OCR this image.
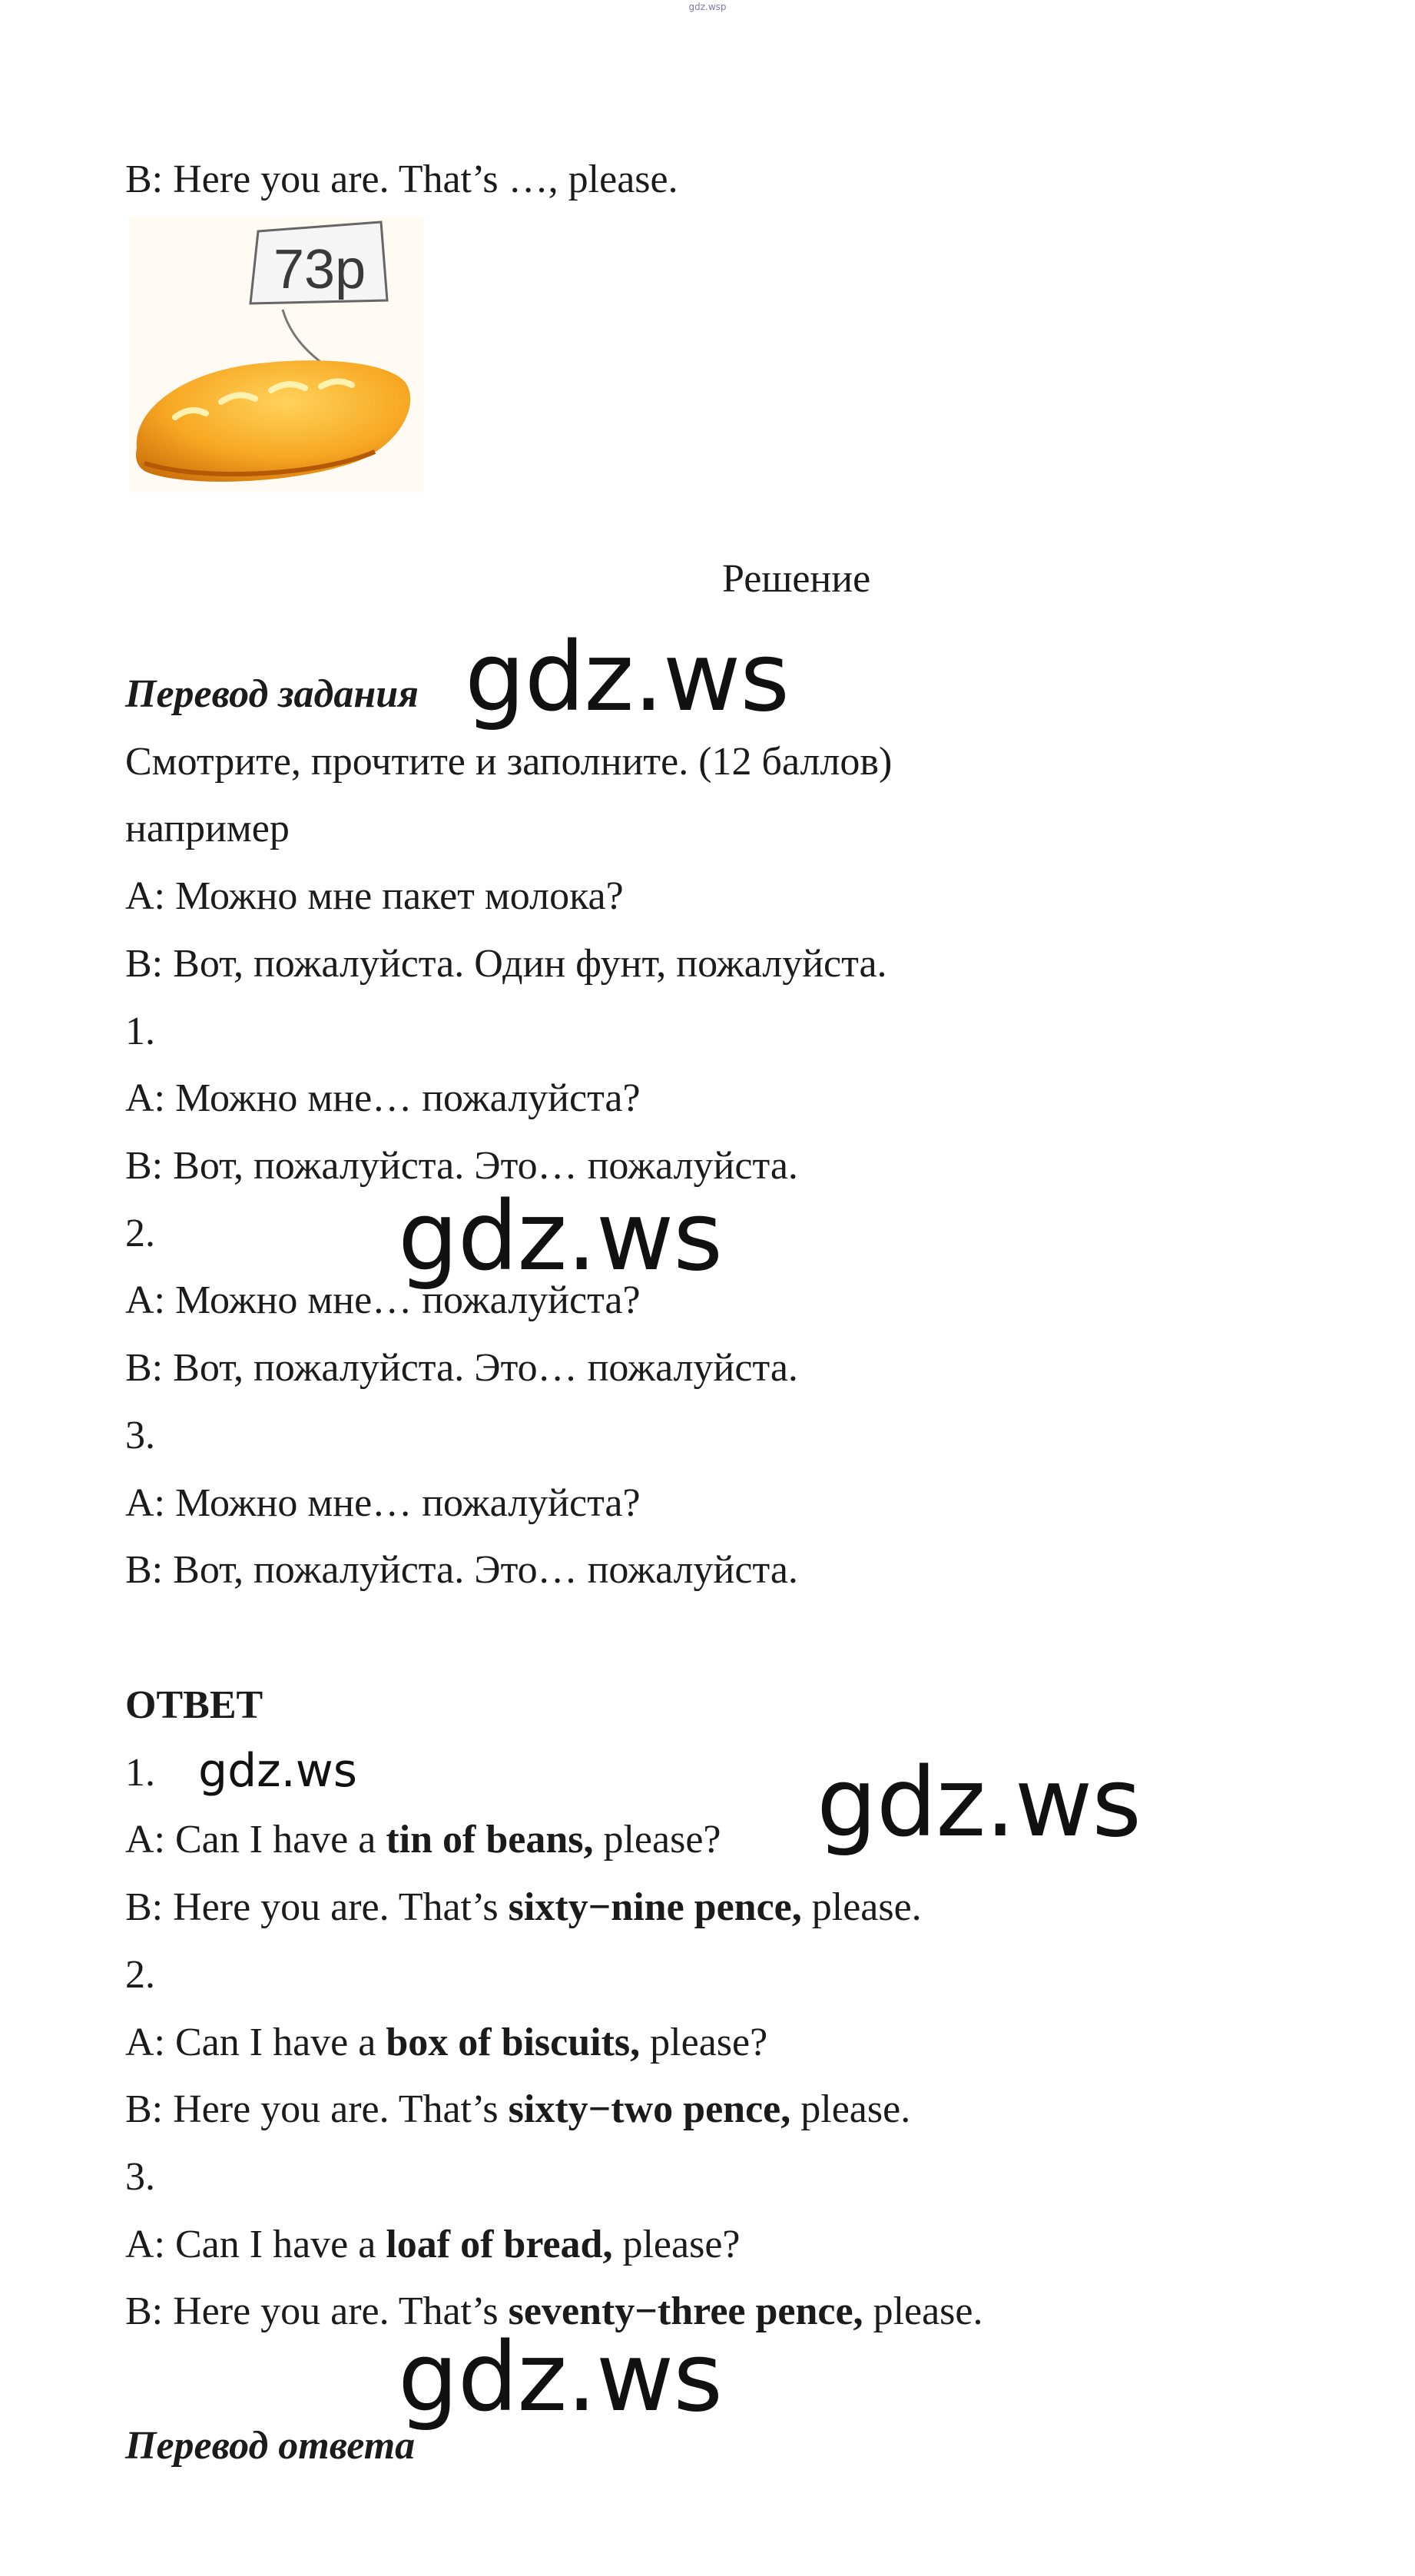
gdz.wsp
B: Here you are. That’s …, please.
73p
Решение
Перевод задания
Смотрите, прочтите и заполните. (12 баллов)
например
A: Можно мне пакет молока?
B: Вот, пожалуйста. Один фунт, пожалуйста.
1.
A: Можно мне… пожалуйста?
B: Вот, пожалуйста. Это… пожалуйста.
2.
A: Можно мне… пожалуйста?
B: Вот, пожалуйста. Это… пожалуйста.
3.
A: Можно мне… пожалуйста?
B: Вот, пожалуйста. Это… пожалуйста.
ОТВЕТ
1.
A: Can I have a tin of beans, please?
B: Here you are. That’s sixty−nine pence, please.
2.
A: Can I have a box of biscuits, please?
B: Here you are. That’s sixty−two pence, please.
3.
A: Can I have a loaf of bread, please?
B: Here you are. That’s seventy−three pence, please.
Перевод ответа
gdz.ws
gdz.ws
gdz.ws	gdz.ws
gdz.ws
